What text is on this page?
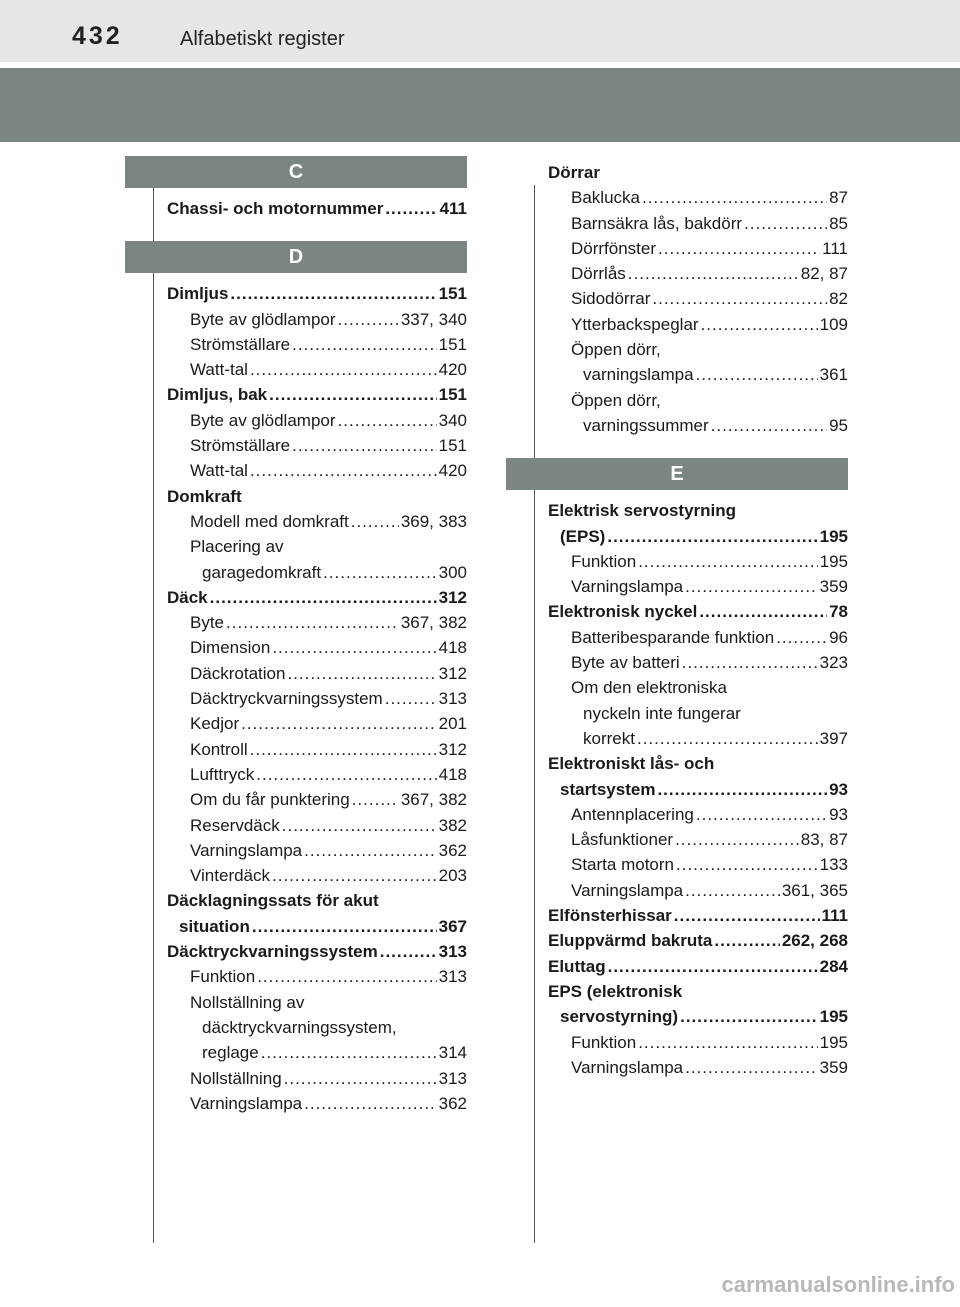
432	Alfabetiskt register
C
Chassi- och motornummer .....	411
D
Dimljus .....	151
Byte av glödlampor .....	337, 340
Strömställare .....	151
Watt-tal .....	420
Dimljus, bak .....	151
Byte av glödlampor .....	340
Strömställare .....	151
Watt-tal .....	420
Domkraft
Modell med domkraft .....	369, 383
Placering av
garagedomkraft .....	300
Däck .....	312
Byte .....	367, 382
Dimension .....	418
Däckrotation .....	312
Däcktryckvarningssystem .....	313
Kedjor .....	201
Kontroll .....	312
Lufttryck .....	418
Om du får punktering .....	367, 382
Reservdäck .....	382
Varningslampa .....	362
Vinterdäck .....	203
Däcklagningssats för akut
situation .....	367
Däcktryckvarningssystem .....	313
Funktion .....	313
Nollställning av
däcktryckvarningssystem,
reglage .....	314
Nollställning .....	313
Varningslampa .....	362
Dörrar
Baklucka .....	87
Barnsäkra lås, bakdörr .....	85
Dörrfönster .....	111
Dörrlås .....	82, 87
Sidodörrar .....	82
Ytterbackspeglar .....	109
Öppen dörr,
varningslampa .....	361
Öppen dörr,
varningssummer .....	95
E
Elektrisk servostyrning
(EPS) .....	195
Funktion .....	195
Varningslampa .....	359
Elektronisk nyckel .....	78
Batteribesparande funktion .....	96
Byte av batteri .....	323
Om den elektroniska
nyckeln inte fungerar
korrekt .....	397
Elektroniskt lås- och
startsystem .....	93
Antennplacering .....	93
Låsfunktioner .....	83, 87
Starta motorn .....	133
Varningslampa .....	361, 365
Elfönsterhissar .....	111
Eluppvärmd bakruta .....	262, 268
Eluttag .....	284
EPS (elektronisk
servostyrning) .....	195
Funktion .....	195
Varningslampa .....	359
carmanualsonline.info
